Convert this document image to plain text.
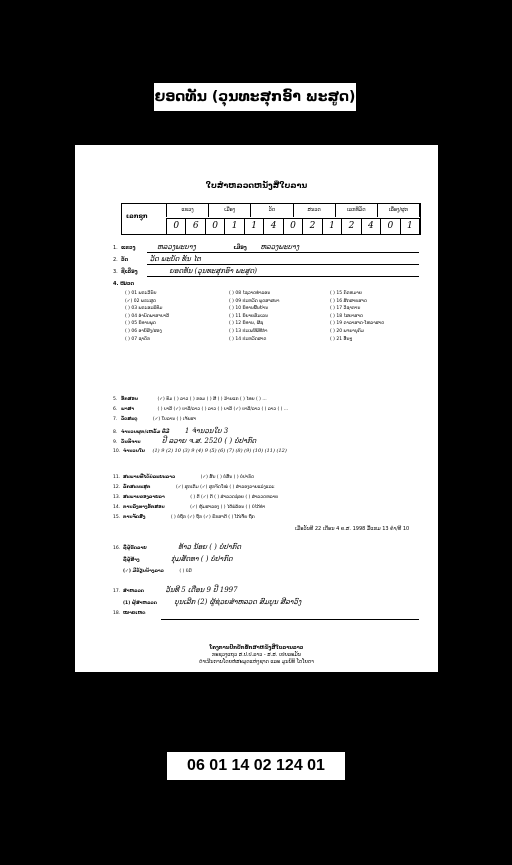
ຍອດທັນ (ວຸນທະສຸກອົາ ພະສູດ)
ໃບສໍາຫລວດຫນັງສືໃບລານ
ເລກຊຸກ
ແຂວງ	ເມືອງ	ວັດ	ສນວດ	ເລກທີມັດ	ເລື່ອງ/ຜູກ
0	6	0	1	1	4	0	2	1	2	4	0	1
1. ແຂວງ	ຫລວງພະບາງ	ເມືອງ ຫລວງພະບາງ
2. ວັດ	ວັດ ພະບັດ ທັນ ໄຕ
3. ຊື່ເລື່ອງ	ຍອດທັນ (ວຸນທະສຸກອົາ ພະສູດ)
4. ໝວດ
( ) 01 ພຣະວິນັຍ
(✓) 02 ພຣະສູດ
( ) 03 ພຣະອະພິທັມ
( ) 04 ອໍານົດພາສາບາລີ
( ) 05 ນິທານພຸດ
( ) 06 ອານິສົງ/ສອງ
( ) 07 ຊາດົກ
( ) 08 ໄຊວາດທໍາລອນ
( ) 09 ປະຫວັດ ພຸດສາສນາ
( ) 10 ນິທານພື້ນບ້ານ
( ) 11 ນິຍາຍສົມເລນ
( ) 12 ນິທານ, ຜີຊ
( ) 13 ປະເພນີພິທີກໍາ
( ) 14 ປະຫວັດສາດ
( ) 15 ກົດຫມາຍ
( ) 16 ສີກສາຍສາດ
( ) 17 ວິຊາການ
( ) 18 ໄສຍາສາດ
( ) 19 ດາລາສາດ-ໂຫລາສາດ
( ) 20 ພຈນານຸກົມ
( ) 21 ອື່ນໆ
5. ອັກສອນ	(✓) ທັມ ( ) ລາວ ( ) ຂອມ ( ) ສີ ( ) ມ້ານແກ ( ) ໄທຍ ( ) ...
6. ພາສາ	( ) ບາລີ (✓) ບາລີ/ລາວ ( ) ລາວ ( ) ບາລີ (✓) ບາລີ/ລາວ ( ) ລາວ ( ) ...
7. ວັດສະດຸ	(✓) ໃບລານ ( ) ເຈ້ຍສາ
8. ຈໍານວນຜູກ/ເຫລັ້ມ ທີ່ມີ 1 ຈໍານວນໃບ 3
9. ວັນທີຈານ	ປີ ລວາຍ ຈ.ສ. 2520 ( ) ບໍ່ປາກົດ
10. ຈໍານວນໃບ (1) 9 (2) 10 (3) 9 (4) 9 (5) (6) (7) (8) (9) (10) (11) (12)
11. ສະພາບທີ່ໄດ້ບໍລະຍະລາວ	(✓) ສົ້ນ ( ) ບໍ່ສົ້ນ ( ) ບໍ່ປາກົດ
12. ລັກສະນະສູກ	(✓) ສູກເດີມ (✓) ສູກຈັດໃໝ່ ( ) ສໍາລອງລາຍແລ່ງແລະ
13. ສະພາບຂອງລາຍລາ	( ) ດີ (✓) ດີ ( ) ສໍາລວດຊ່ອຍ ( ) ສໍາລວດຫລາຍ
14. ການລົງທາງອັກສອນ	(✓) ຫຸ້ມສາລອງ ( ) ໄດ້ພໍລ້ອນ ( ) ບໍ່ໄດ້ທໍາ
15. ການຈັດສົ່ງ	( ) ບໍ່ຖືກ (✓) ຖືກ (✓) ຮັກສາດີ ( ) ໂດ້ເຈັ້ຍ ຖືກ
ເມື່ອວັນທີ 22 ເດືອນ 4 ຄ.ສ. 1998 ມື້ແຮມ 13 ຄໍ່າ/ທີ 10
16. ຊື່ຜູ້ຂົດລາຍ	ທ້າວ ນ້ອຍ ( ) ບໍ່ປາກົດ
ຊື່ຜູ້ສ້າງ	ກຸ່ມສັດທາ ( ) ບໍ່ປາກົດ
(✓) ມີຂ້ຽນນ້າງລາວ	( ) ບໍ່ມີ
17. ສໍາຫລວດ	ວັນທີ 5 ເດືອນ 9 ປີ 1997
(1) ຜູ້ສໍາຫລວດ ບຸນເລີກ (2) ຜູ້ຊ່ວຍສໍາຫລວດ ສົມບູນ ສີລາວົງ
18. ໝາຍເຫດ
ໂຄງການປົກປັກຮັກສາຫນັງສືໃບລານລາວ
ກະຊວງແຖວ ສ.ປ.ປ.ລາວ - ສ.ສ. ເຢຍລະມັນ
ດໍາເນີນການໂດຍຫໍສະມຸດແຫ່ງຊາດ ແລະ ມູນນິທິ ໂຕໂຍຕາ
06 01 14 02 124 01
